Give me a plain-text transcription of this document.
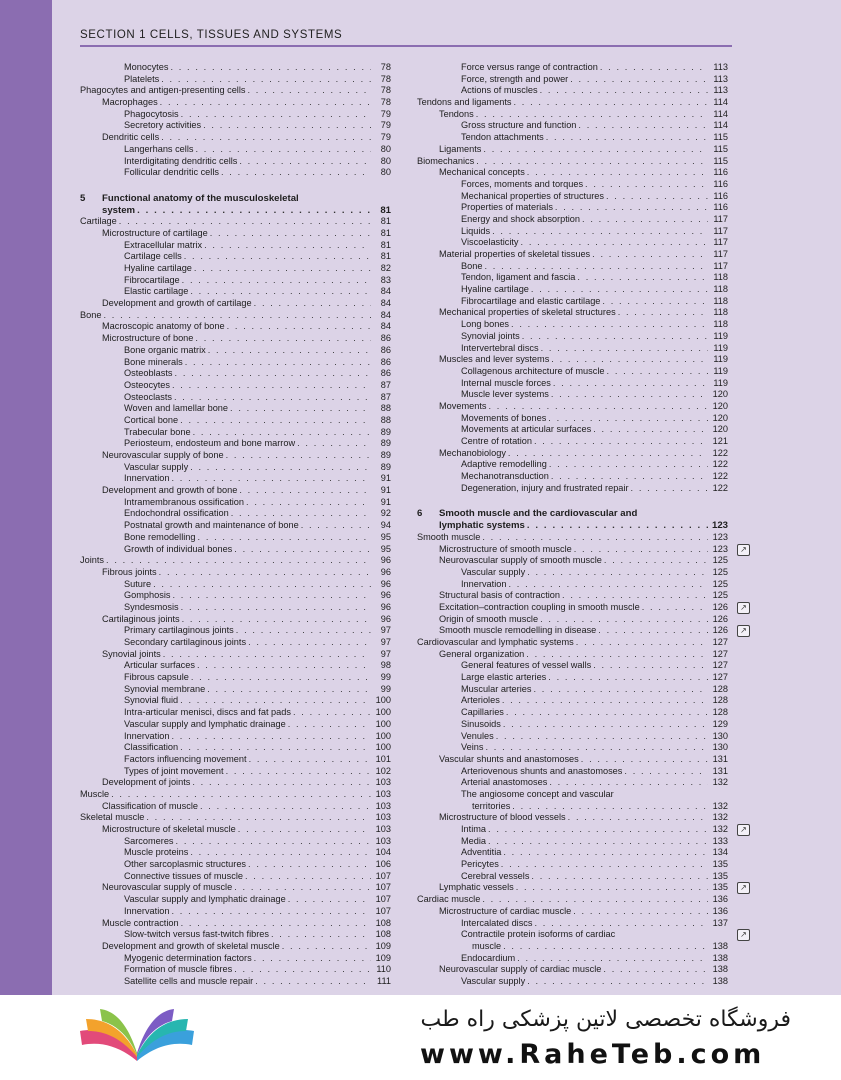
SECTION 1 CELLS, TISSUES AND SYSTEMS
Monocytes . . .	78
Platelets . . .	78
Phagocytes and antigen-presenting cells . . .	78
Macrophages . . .	78
Phagocytosis . . .	79
Secretory activities . . .	79
Dendritic cells . . .	79
Langerhans cells . . .	80
Interdigitating dendritic cells . . .	80
Follicular dendritic cells . . .	80
5	Functional anatomy of the musculoskeletal
system . . .	81
Cartilage . . .	81
Microstructure of cartilage . . .	81
Extracellular matrix . . .	81
Cartilage cells . . .	81
Hyaline cartilage . . .	82
Fibrocartilage . . .	83
Elastic cartilage . . .	84
Development and growth of cartilage . . .	84
Bone . . .	84
Macroscopic anatomy of bone . . .	84
Microstructure of bone . . .	86
Bone organic matrix . . .	86
Bone minerals . . .	86
Osteoblasts . . .	86
Osteocytes . . .	87
Osteoclasts . . .	87
Woven and lamellar bone . . .	88
Cortical bone . . .	88
Trabecular bone . . .	89
Periosteum, endosteum and bone marrow . . .	89
Neurovascular supply of bone . . .	89
Vascular supply . . .	89
Innervation . . .	91
Development and growth of bone . . .	91
Intramembranous ossification . . .	91
Endochondral ossification . . .	92
Postnatal growth and maintenance of bone . . .	94
Bone remodelling . . .	95
Growth of individual bones . . .	95
Joints . . .	96
Fibrous joints . . .	96
Suture . . .	96
Gomphosis . . .	96
Syndesmosis . . .	96
Cartilaginous joints . . .	96
Primary cartilaginous joints . . .	97
Secondary cartilaginous joints . . .	97
Synovial joints . . .	97
Articular surfaces . . .	98
Fibrous capsule . . .	99
Synovial membrane . . .	99
Synovial fluid . . .	100
Intra-articular menisci, discs and fat pads . . .	100
Vascular supply and lymphatic drainage . . .	100
Innervation . . .	100
Classification . . .	100
Factors influencing movement . . .	101
Types of joint movement . . .	102
Development of joints . . .	103
Muscle . . .	103
Classification of muscle . . .	103
Skeletal muscle . . .	103
Microstructure of skeletal muscle . . .	103
Sarcomeres . . .	103
Muscle proteins . . .	104
Other sarcoplasmic structures . . .	106
Connective tissues of muscle . . .	107
Neurovascular supply of muscle . . .	107
Vascular supply and lymphatic drainage . . .	107
Innervation . . .	107
Muscle contraction . . .	108
Slow-twitch versus fast-twitch fibres . . .	108
Development and growth of skeletal muscle . . .	109
Myogenic determination factors . . .	109
Formation of muscle fibres . . .	110
Satellite cells and muscle repair . . .	111
Force versus range of contraction . . .	113
Force, strength and power . . .	113
Actions of muscles . . .	113
Tendons and ligaments . . .	114
Tendons . . .	114
Gross structure and function . . .	114
Tendon attachments . . .	115
Ligaments . . .	115
Biomechanics . . .	115
Mechanical concepts . . .	116
Forces, moments and torques . . .	116
Mechanical properties of structures . . .	116
Properties of materials . . .	116
Energy and shock absorption . . .	117
Liquids . . .	117
Viscoelasticity . . .	117
Material properties of skeletal tissues . . .	117
Bone . . .	117
Tendon, ligament and fascia . . .	118
Hyaline cartilage . . .	118
Fibrocartilage and elastic cartilage . . .	118
Mechanical properties of skeletal structures . . .	118
Long bones . . .	118
Synovial joints . . .	119
Intervertebral discs . . .	119
Muscles and lever systems . . .	119
Collagenous architecture of muscle . . .	119
Internal muscle forces . . .	119
Muscle lever systems . . .	120
Movements . . .	120
Movements of bones . . .	120
Movements at articular surfaces . . .	120
Centre of rotation . . .	121
Mechanobiology . . .	122
Adaptive remodelling . . .	122
Mechanotransduction . . .	122
Degeneration, injury and frustrated repair . . .	122
6	Smooth muscle and the cardiovascular and
lymphatic systems . . .	123
Smooth muscle . . .	123
Microstructure of smooth muscle . . .	123	↗
Neurovascular supply of smooth muscle . . .	125
Vascular supply . . .	125
Innervation . . .	125
Structural basis of contraction . . .	125
Excitation–contraction coupling in smooth muscle . . .	126	↗
Origin of smooth muscle . . .	126
Smooth muscle remodelling in disease . . .	126	↗
Cardiovascular and lymphatic systems . . .	127
General organization . . .	127
General features of vessel walls . . .	127
Large elastic arteries . . .	127
Muscular arteries . . .	128
Arterioles . . .	128
Capillaries . . .	128
Sinusoids . . .	129
Venules . . .	130
Veins . . .	130
Vascular shunts and anastomoses . . .	131
Arteriovenous shunts and anastomoses . . .	131
Arterial anastomoses . . .	132
The angiosome concept and vascular
territories . . .	132
Microstructure of blood vessels . . .	132
Intima . . .	132	↗
Media . . .	133
Adventitia . . .	134
Pericytes . . .	135
Cerebral vessels . . .	135
Lymphatic vessels . . .	135	↗
Cardiac muscle . . .	136
Microstructure of cardiac muscle . . .	136
Intercalated discs . . .	137
Contractile protein isoforms of cardiac	↗
muscle . . .	138
Endocardium . . .	138
Neurovascular supply of cardiac muscle . . .	138
Vascular supply . . .	138
فروشگاه تخصصی لاتین پزشکی راه طب
www.RaheTeb.com
